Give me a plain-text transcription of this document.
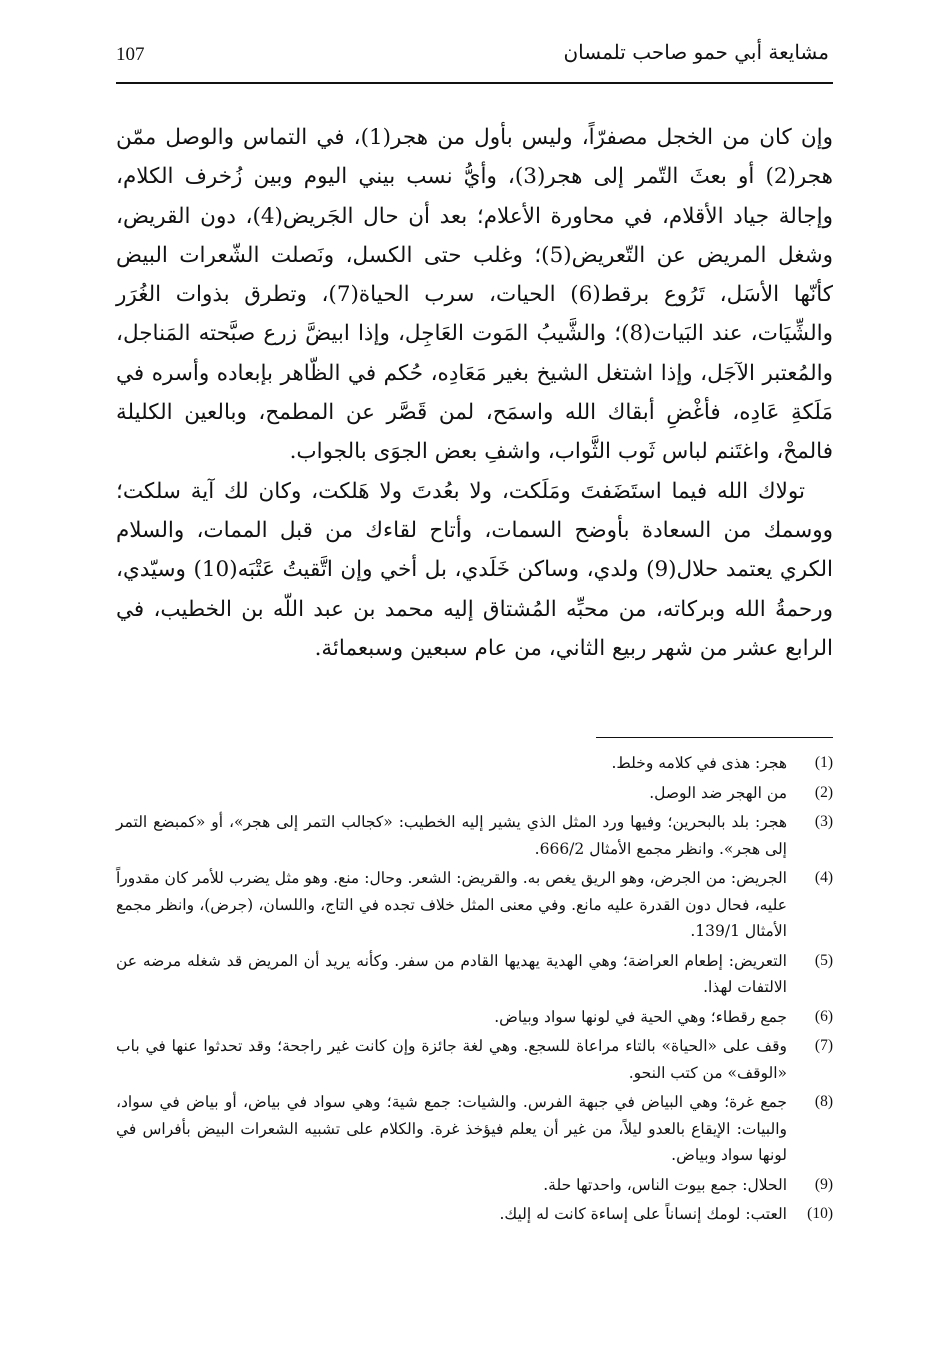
107	مشايعة أبي حمو صاحب تلمسان

وإن كان من الخجل مصفرّاً، وليس بأول من هجر(1)، في التماس والوصل ممّن هجر(2) أو بعثَ التّمر إلى هجر(3)، وأيُّ نسب بيني اليوم وبين زُخرف الكلام، وإجالة جياد الأقلام، في محاورة الأعلام؛ بعد أن حال الجَريض(4)، دون القريض، وشغل المريض عن التّعريض(5)؛ وغلب حتى الكسل، ونَصلت الشّعرات البيض كأنّها الأسَل، تَرُوع برقط(6) الحيات، سرب الحياة(7)، وتطرق بذوات الغُرَر والشِّيَات، عند البَيات(8)؛ والشَّيبُ المَوت العَاجِل، وإذا ابيضَّ زرع صبَّحته المَناجل، والمُعتبر الآجَل، وإذا اشتغل الشيخ بغير مَعَادِه، حُكم في الظّاهر بإبعاده وأسره في مَلَكةِ عَادِه، فأغْضِ أبقاك الله واسمَح، لمن قَصَّر عن المطمح، وبالعين الكليلة فالمحْ، واغتَنم لباس ثَوب الثَّواب، واشفِ بعض الجوَى بالجواب.

تولاك الله فيما استَضَفتَ ومَلَكت، ولا بعُدتَ ولا هَلكت، وكان لك آية سلكت؛ ووسمك من السعادة بأوضح السمات، وأتاح لقاءك من قبل الممات، والسلام الكري يعتمد حلال(9) ولدي، وساكن خَلَدي، بل أخي وإن اتَّقيتُ عَتْبَه(10) وسيّدي، ورحمةُ الله وبركاته، من محبِّه المُشتاق إليه محمد بن عبد اللّه بن الخطيب، في الرابع عشر من شهر ربيع الثاني، من عام سبعين وسبعمائة.

(1)
هجر: هذى في كلامه وخلط.
(2)
من الهجر ضد الوصل.
(3)
هجر: بلد بالبحرين؛ وفيها ورد المثل الذي يشير إليه الخطيب: «كجالب التمر إلى هجر»، أو «كمبضع التمر إلى هجر». وانظر مجمع الأمثال 666/2.
(4)
الجريض: من الجرض، وهو الريق يغص به. والقريض: الشعر. وحال: منع. وهو مثل يضرب للأمر كان مقدوراً عليه، فحال دون القدرة عليه مانع. وفي معنى المثل خلاف تجده في التاج، واللسان، (جرض)، وانظر مجمع الأمثال 139/1.
(5)
التعريض: إطعام العراضة؛ وهي الهدية يهديها القادم من سفر. وكأنه يريد أن المريض قد شغله مرضه عن الالتفات لهذا.
(6)
جمع رقطاء؛ وهي الحية في لونها سواد وبياض.
(7)
وقف على «الحياة» بالتاء مراعاة للسجع. وهي لغة جائزة وإن كانت غير راجحة؛ وقد تحدثوا عنها في باب «الوقف» من كتب النحو.
(8)
جمع غرة؛ وهي البياض في جبهة الفرس. والشيات: جمع شية؛ وهي سواد في بياض، أو بياض في سواد، والبيات: الإيقاع بالعدو ليلاً، من غير أن يعلم فيؤخذ غرة. والكلام على تشبيه الشعرات البيض بأفراس في لونها سواد وبياض.
(9)
الحلال: جمع بيوت الناس، واحدتها حلة.
(10)
العتب: لومك إنساناً على إساءة كانت له إليك.
